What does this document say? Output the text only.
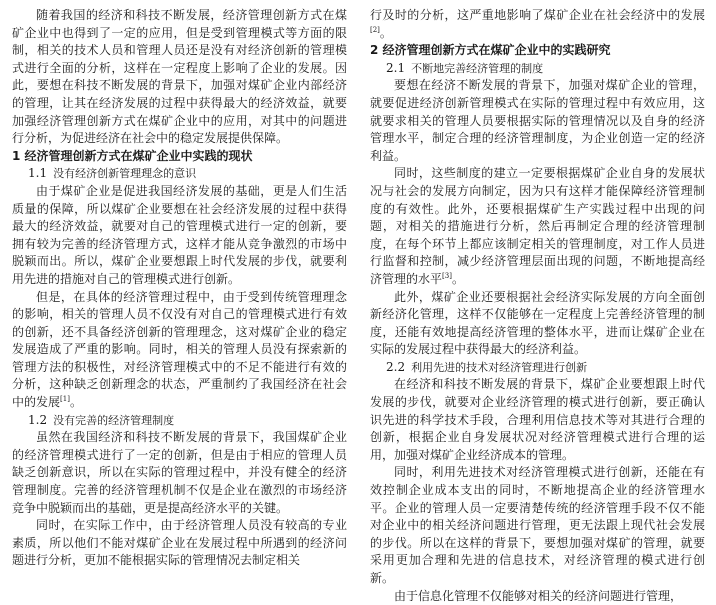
随着我国的经济和科技不断发展，经济管理创新方式在煤矿企业中也得到了一定的应用，但是受到管理模式等方面的限制，相关的技术人员和管理人员还是没有对经济创新的管理模式进行全面的分析，这样在一定程度上影响了企业的发展。因此，要想在科技不断发展的背景下，加强对煤矿企业内部经济的管理，让其在经济发展的过程中获得最大的经济效益，就要加强经济管理创新方式在煤矿企业中的应用，对其中的问题进行分析，为促进经济在社会中的稳定发展提供保障。

1 经济管理创新方式在煤矿企业中实践的现状
1.1 没有经济创新管理理念的意识

由于煤矿企业是促进我国经济发展的基础，更是人们生活质量的保障，所以煤矿企业要想在社会经济发展的过程中获得最大的经济效益，就要对自己的管理模式进行一定的创新，要拥有较为完善的经济管理方式，这样才能从竞争激烈的市场中脱颖而出。所以，煤矿企业要想跟上时代发展的步伐，就要利用先进的措施对自己的管理模式进行创新。

但是，在具体的经济管理过程中，由于受到传统管理理念的影响，相关的管理人员不仅没有对自己的管理模式进行有效的创新，还不具备经济创新的管理理念，这对煤矿企业的稳定发展造成了严重的影响。同时，相关的管理人员没有探索新的管理方法的积极性，对经济管理模式中的不足不能进行有效的分析，这种缺乏创新理念的状态，严重制约了我国经济在社会中的发展[1]。

1.2 没有完善的经济管理制度

虽然在我国经济和科技不断发展的背景下，我国煤矿企业的经济管理模式进行了一定的创新，但是由于相应的管理人员缺乏创新意识，所以在实际的管理过程中，并没有健全的经济管理制度。完善的经济管理机制不仅是企业在激烈的市场经济竞争中脱颖而出的基础，更是提高经济水平的关键。

同时，在实际工作中，由于经济管理人员没有较高的专业素质，所以他们不能对煤矿企业在发展过程中所遇到的经济问题进行分析，更加不能根据实际的管理情况去制定相关

行及时的分析，这严重地影响了煤矿企业在社会经济中的发展[2]。

2 经济管理创新方式在煤矿企业中的实践研究
2.1 不断地完善经济管理的制度

要想在经济不断发展的背景下，加强对煤矿企业的管理，就要促进经济创新管理模式在实际的管理过程中有效应用，这就要求相关的管理人员要根据实际的管理情况以及自身的经济管理水平，制定合理的经济管理制度，为企业创造一定的经济利益。

同时，这些制度的建立一定要根据煤矿企业自身的发展状况与社会的发展方向制定，因为只有这样才能保障经济管理制度的有效性。此外，还要根据煤矿生产实践过程中出现的问题，对相关的措施进行分析，然后再制定合理的经济管理制度，在每个环节上都应该制定相关的管理制度，对工作人员进行监督和控制，减少经济管理层面出现的问题，不断地提高经济管理的水平[3]。

此外，煤矿企业还要根据社会经济实际发展的方向全面创新经济化管理，这样不仅能够在一定程度上完善经济管理的制度，还能有效地提高经济管理的整体水平，进而让煤矿企业在实际的发展过程中获得最大的经济利益。

2.2 利用先进的技术对经济管理进行创新

在经济和科技不断发展的背景下，煤矿企业要想跟上时代发展的步伐，就要对企业经济管理的模式进行创新，要正确认识先进的科学技术手段，合理利用信息技术等对其进行合理的创新，根据企业自身发展状况对经济管理模式进行合理的运用，加强对煤矿企业经济成本的管理。

同时，利用先进技术对经济管理模式进行创新，还能在有效控制企业成本支出的同时，不断地提高企业的经济管理水平。企业的管理人员一定要清楚传统的经济管理手段不仅不能对企业中的相关经济问题进行管理，更无法跟上现代社会发展的步伐。所以在这样的背景下，要想加强对煤矿的管理，就要采用更加合理和先进的信息技术，对经济管理的模式进行创新。

由于信息化管理不仅能够对相关的经济问题进行管理，
